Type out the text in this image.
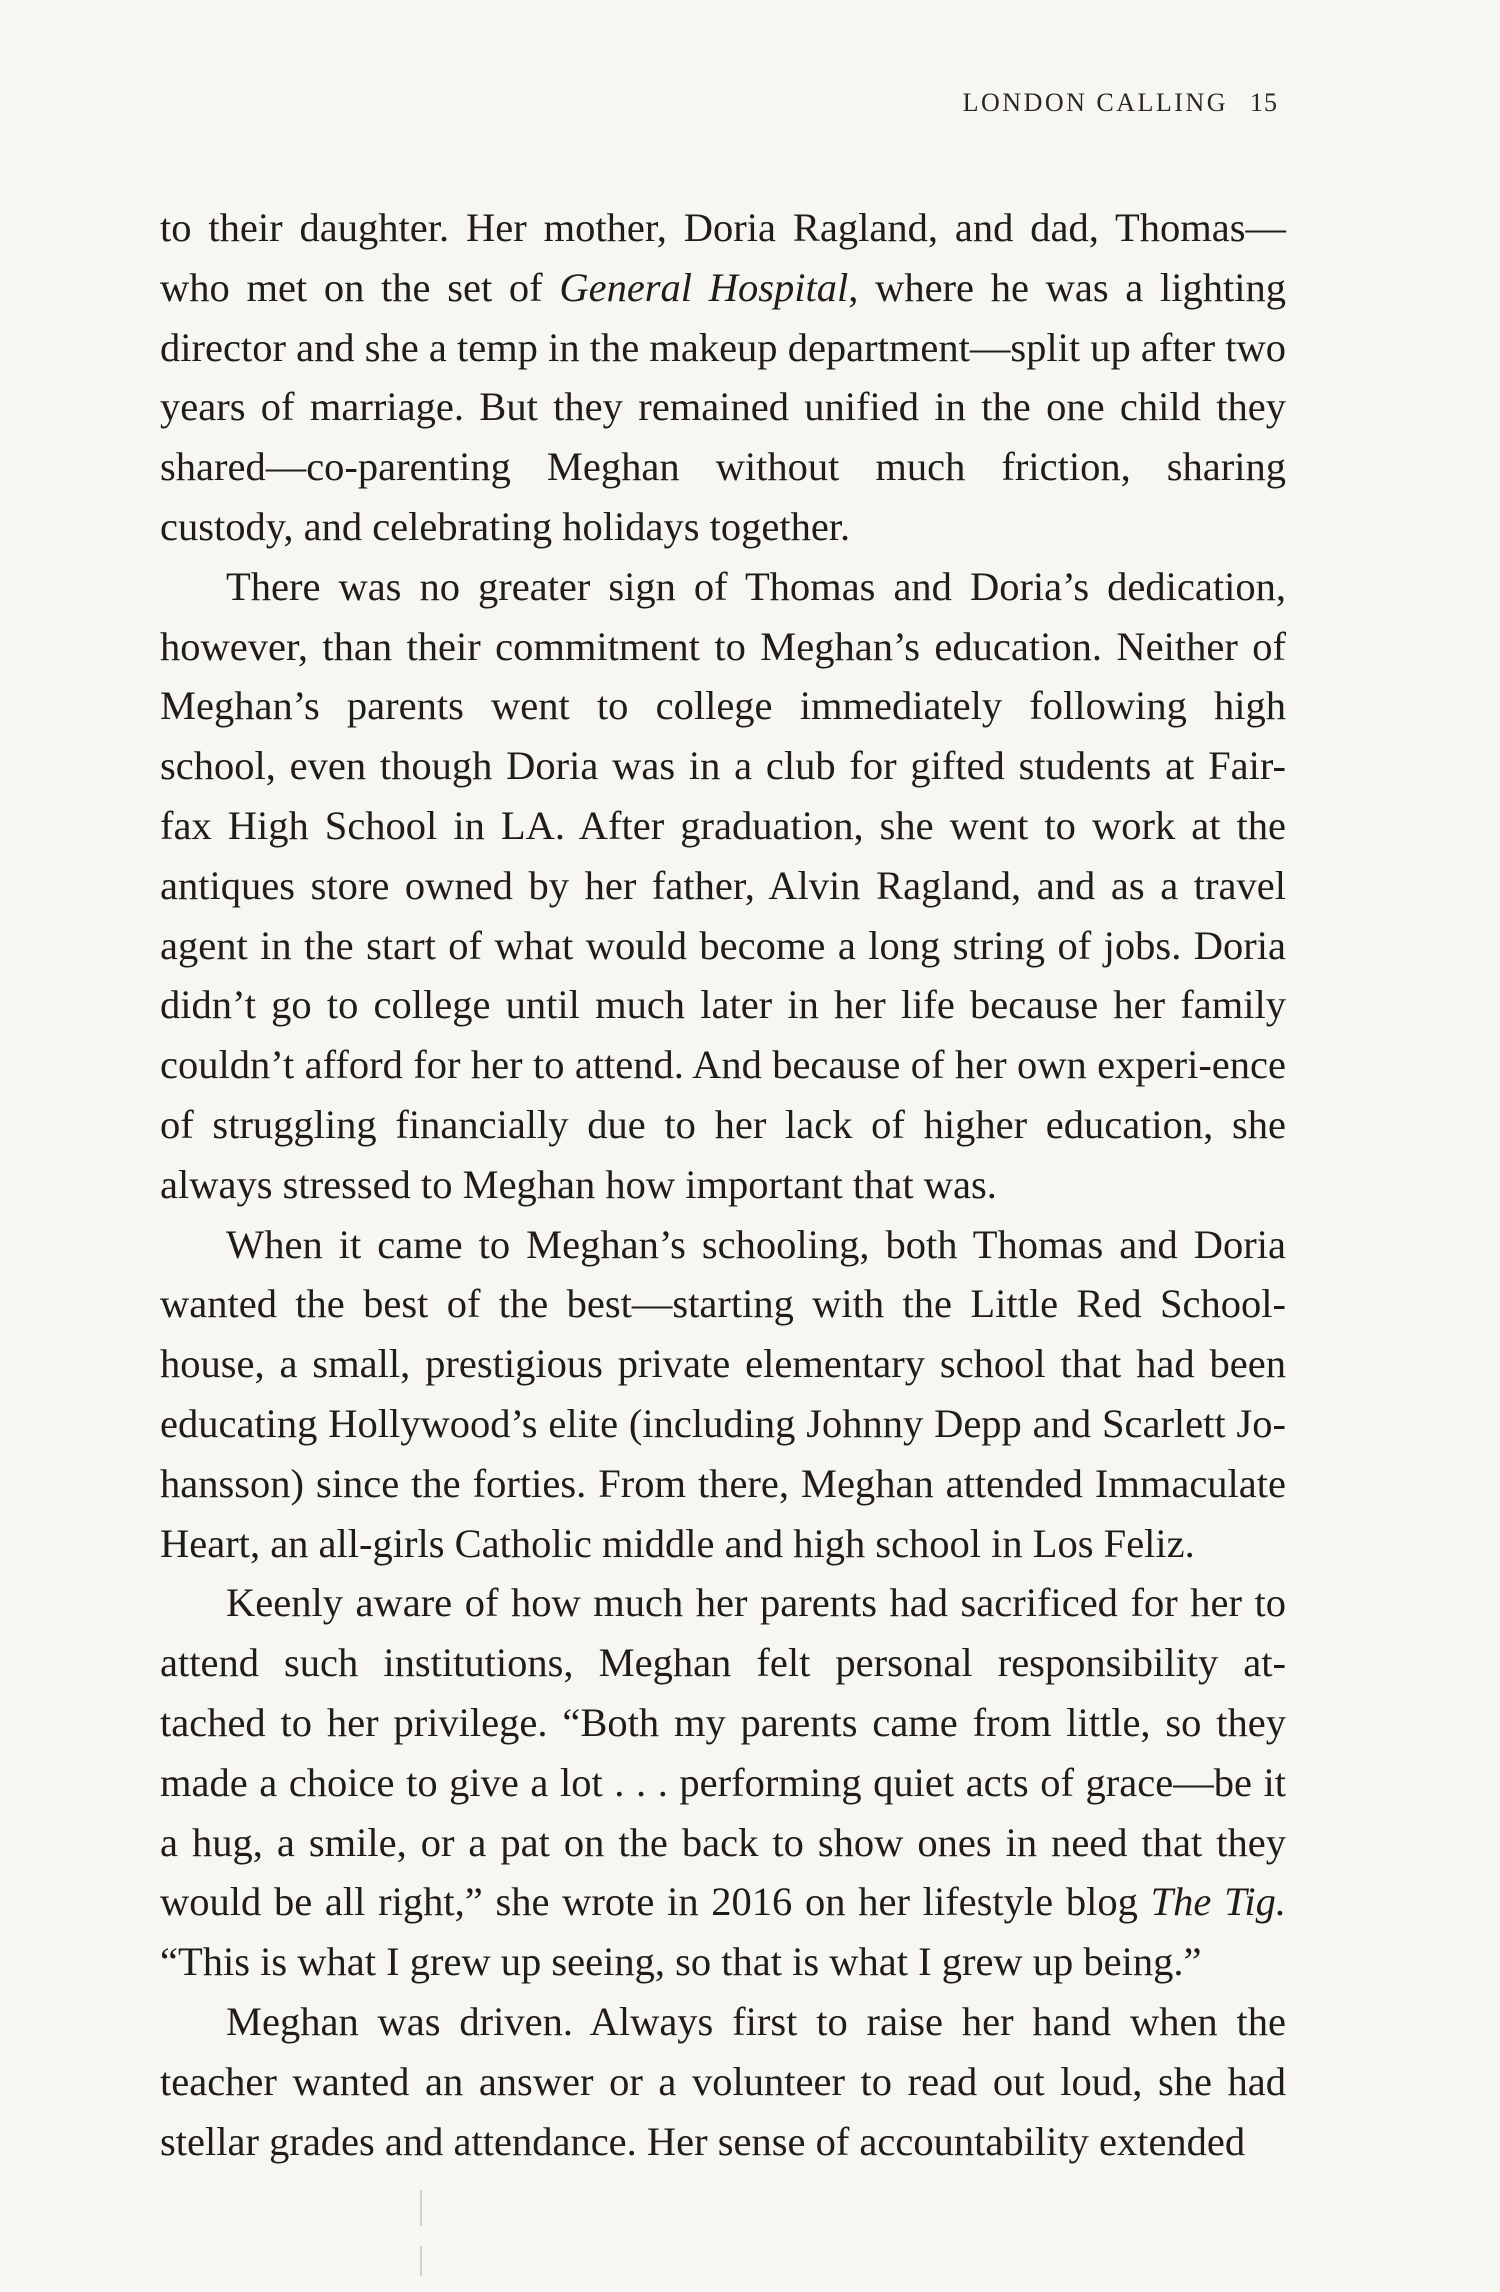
LONDON CALLING 15

to their daughter. Her mother, Doria Ragland, and dad, Thomas— who met on the set of General Hospital, where he was a lighting director and she a temp in the makeup department—split up after two years of marriage. But they remained unified in the one child they shared—co-parenting Meghan without much friction, sharing custody, and celebrating holidays together.

There was no greater sign of Thomas and Doria’s dedication, however, than their commitment to Meghan’s education. Neither of Meghan’s parents went to college immediately following high school, even though Doria was in a club for gifted students at Fair-fax High School in LA. After graduation, she went to work at the antiques store owned by her father, Alvin Ragland, and as a travel agent in the start of what would become a long string of jobs. Doria didn’t go to college until much later in her life because her family couldn’t afford for her to attend. And because of her own experi-ence of struggling financially due to her lack of higher education, she always stressed to Meghan how important that was.

When it came to Meghan’s schooling, both Thomas and Doria wanted the best of the best—starting with the Little Red School-house, a small, prestigious private elementary school that had been educating Hollywood’s elite (including Johnny Depp and Scarlett Jo-hansson) since the forties. From there, Meghan attended Immaculate Heart, an all-girls Catholic middle and high school in Los Feliz.

Keenly aware of how much her parents had sacrificed for her to attend such institutions, Meghan felt personal responsibility at-tached to her privilege. “Both my parents came from little, so they made a choice to give a lot . . . performing quiet acts of grace—be it a hug, a smile, or a pat on the back to show ones in need that they would be all right,” she wrote in 2016 on her lifestyle blog The Tig. “This is what I grew up seeing, so that is what I grew up being.”

Meghan was driven. Always first to raise her hand when the teacher wanted an answer or a volunteer to read out loud, she had stellar grades and attendance. Her sense of accountability extended
